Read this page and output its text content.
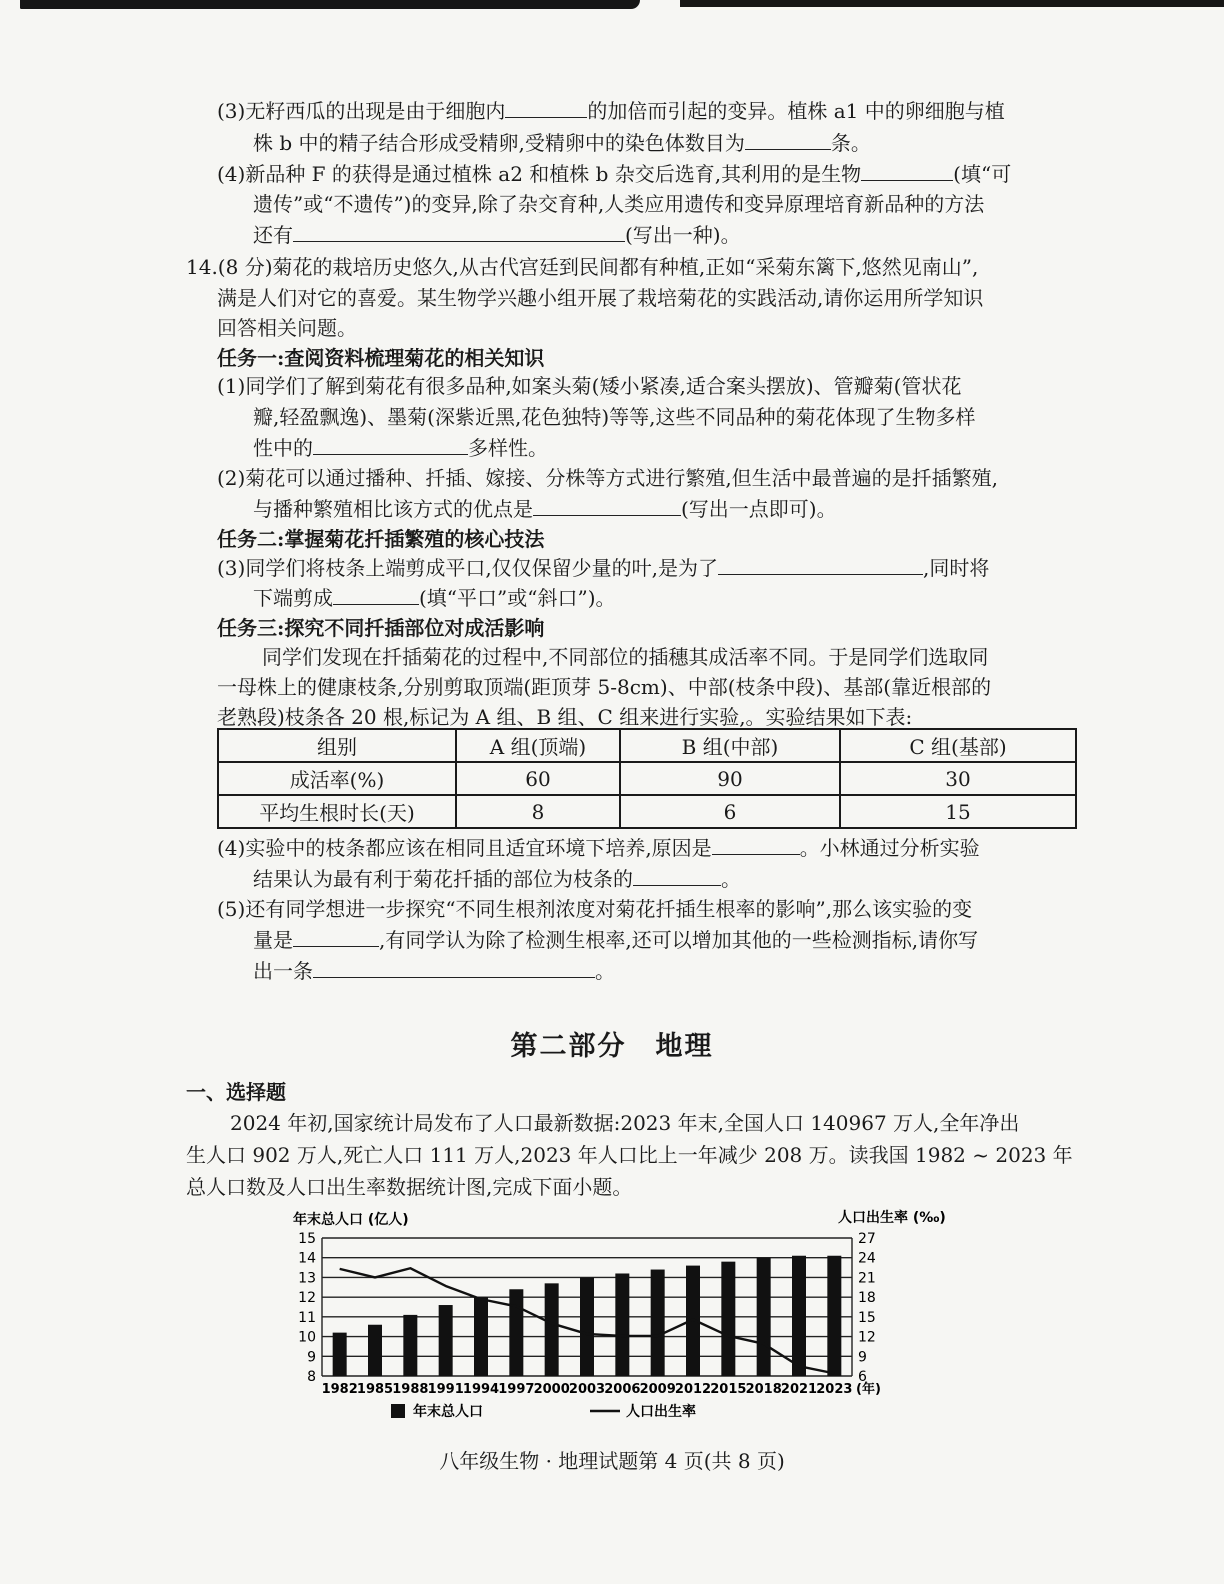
(3)无籽西瓜的出现是由于细胞内	的加倍而引起的变异。植株 a1 中的卵细胞与植
株 b 中的精子结合形成受精卵,受精卵中的染色体数目为	条。
(4)新品种 F 的获得是通过植株 a2 和植株 b 杂交后选育,其利用的是生物	(填“可
遗传”或“不遗传”)的变异,除了杂交育种,人类应用遗传和变异原理培育新品种的方法
还有	(写出一种)。
14.(8 分)菊花的栽培历史悠久,从古代宫廷到民间都有种植,正如“采菊东篱下,悠然见南山”,
满是人们对它的喜爱。某生物学兴趣小组开展了栽培菊花的实践活动,请你运用所学知识
回答相关问题。
任务一:查阅资料梳理菊花的相关知识
(1)同学们了解到菊花有很多品种,如案头菊(矮小紧凑,适合案头摆放)、管瓣菊(管状花
瓣,轻盈飘逸)、墨菊(深紫近黑,花色独特)等等,这些不同品种的菊花体现了生物多样
性中的	多样性。
(2)菊花可以通过播种、扦插、嫁接、分株等方式进行繁殖,但生活中最普遍的是扦插繁殖,
与播种繁殖相比该方式的优点是	(写出一点即可)。
任务二:掌握菊花扦插繁殖的核心技法
(3)同学们将枝条上端剪成平口,仅仅保留少量的叶,是为了	,同时将
下端剪成	(填“平口”或“斜口”)。
任务三:探究不同扦插部位对成活影响
同学们发现在扦插菊花的过程中,不同部位的插穗其成活率不同。于是同学们选取同
一母株上的健康枝条,分别剪取顶端(距顶芽 5-8cm)、中部(枝条中段)、基部(靠近根部的
老熟段)枝条各 20 根,标记为 A 组、B 组、C 组来进行实验,。实验结果如下表:
组别	A 组(顶端)	B 组(中部)	C 组(基部)
成活率(%)	60	90	30
平均生根时长(天)	8	6	15
(4)实验中的枝条都应该在相同且适宜环境下培养,原因是	。小林通过分析实验
结果认为最有利于菊花扦插的部位为枝条的	。
(5)还有同学想进一步探究“不同生根剂浓度对菊花扦插生根率的影响”,那么该实验的变
量是	,有同学认为除了检测生根率,还可以增加其他的一些检测指标,请你写
出一条	。
第二部分　地理
一、选择题
2024 年初,国家统计局发布了人口最新数据:2023 年末,全国人口 140967 万人,全年净出
生人口 902 万人,死亡人口 111 万人,2023 年人口比上一年减少 208 万。读我国 1982 ~ 2023 年
总人口数及人口出生率数据统计图,完成下面小题。
8
9
10
11
12
13
14
15
6
9
12
15
18
21
24
27
1982 1985 1988 1991 1994 1997 2000 2003 2006 2009 2012 2015 2018 2021 2023
年末总人口 (亿人)	人口出生率 (‰)
(年)
年末总人口	人口出生率
八年级生物 · 地理试题第 4 页(共 8 页)
